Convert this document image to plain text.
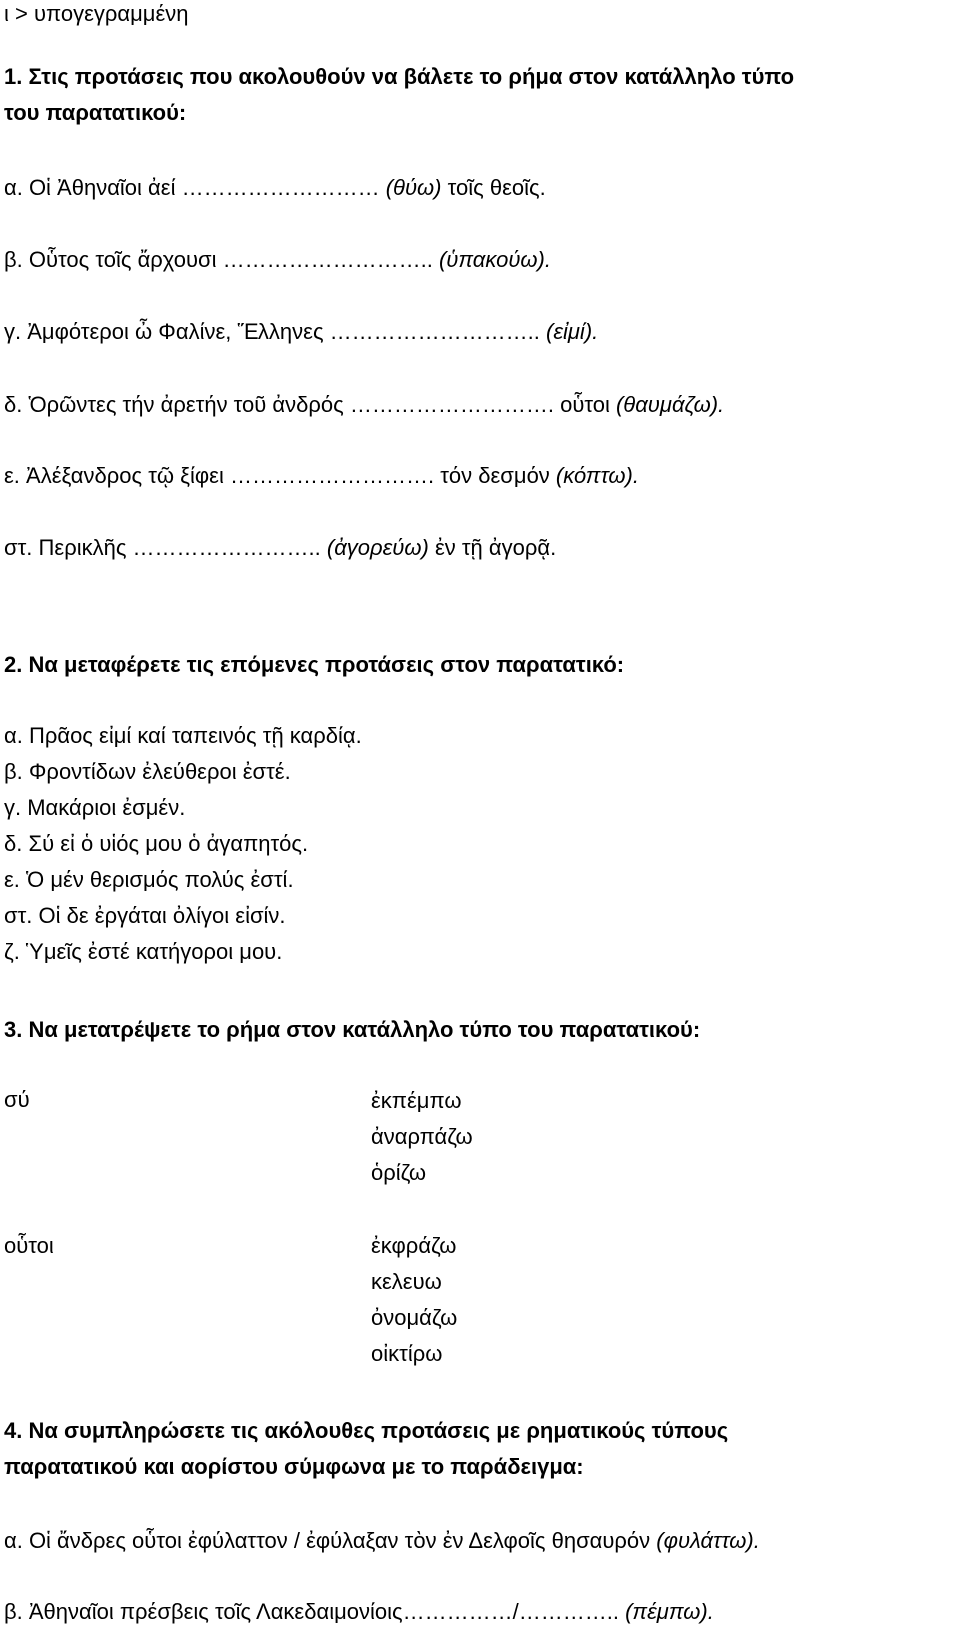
ι > υπογεγραμμένη
1. Στις προτάσεις που ακολουθούν να βάλετε το ρήμα στον κατάλληλο τύπο
του παρατατικού:
α. Οἱ Ἀθηναῖοι ἀεί ……………………… (θύω) τοῖς θεοῖς.
β. Οὗτος τοῖς ἄρχουσι ……………………….. (ὑπακούω).
γ. Ἀμφότεροι ὦ Φαλίνε, Ἕλληνες ……………………….. (εἰμί).
δ. Ὁρῶντες τήν ἀρετήν τοῦ ἀνδρός ………………………. οὗτοι (θαυμάζω).
ε. Ἀλέξανδρος τῷ ξίφει ………………………. τόν δεσμόν (κόπτω).
στ. Περικλῆς …………………….. (ἀγορεύω) ἐν τῇ ἀγορᾷ.
2. Να μεταφέρετε τις επόμενες προτάσεις στον παρατατικό:
α. Πρᾶος εἰμί καί ταπεινός τῇ καρδίᾳ.
β. Φροντίδων ἐλεύθεροι ἐστέ.
γ. Μακάριοι ἐσμέν.
δ. Σύ εἰ ὁ υἱός μου ὁ ἀγαπητός.
ε. Ὁ μέν θερισμός πολύς ἐστί.
στ. Οἱ δε ἐργάται ὀλίγοι εἰσίν.
ζ. Ὑμεῖς ἐστέ κατήγοροι μου.
3. Να μετατρέψετε το ρήμα στον κατάλληλο τύπο του παρατατικού:
σύ	ἐκπέμπω
ἀναρπάζω
ὁρίζω
οὗτοι	ἐκφράζω
κελευω
ὀνομάζω
οἰκτίρω
4. Να συμπληρώσετε τις ακόλουθες προτάσεις με ρηματικούς τύπους
παρατατικού και αορίστου σύμφωνα με το παράδειγμα:
α. Οἱ ἄνδρες οὗτοι ἐφύλαττον / ἐφύλαξαν τὸν ἐν Δελφοῖς θησαυρόν (φυλάττω).
β. Ἀθηναῖοι πρέσβεις τοῖς Λακεδαιμονίοις……………/………….. (πέμπω).
